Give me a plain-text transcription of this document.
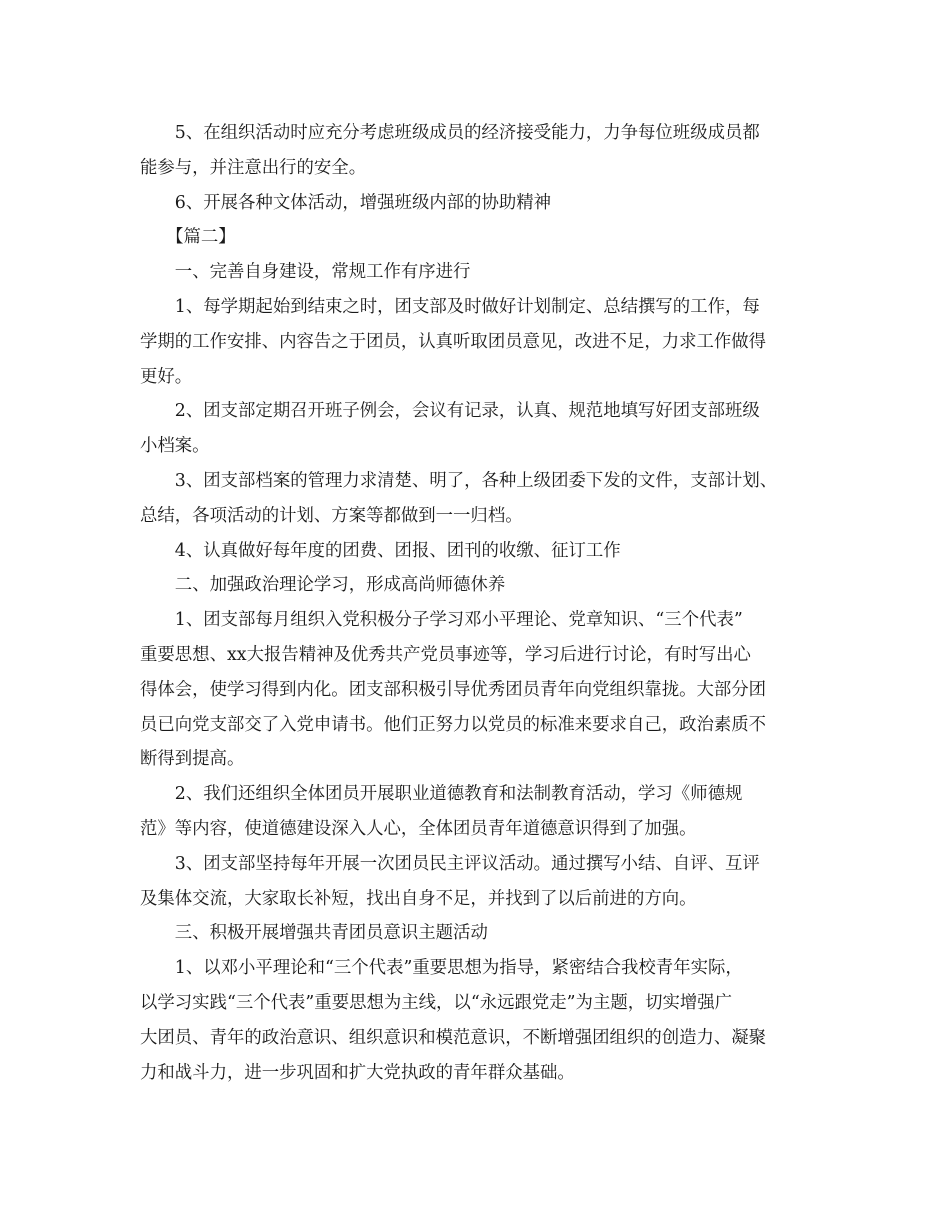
5、在组织活动时应充分考虑班级成员的经济接受能力，力争每位班级成员都
能参与，并注意出行的安全。
6、开展各种文体活动，增强班级内部的协助精神
【篇二】
一、完善自身建设，常规工作有序进行
1、每学期起始到结束之时，团支部及时做好计划制定、总结撰写的工作，每
学期的工作安排、内容告之于团员，认真听取团员意见，改进不足，力求工作做得
更好。
2、团支部定期召开班子例会，会议有记录，认真、规范地填写好团支部班级
小档案。
3、团支部档案的管理力求清楚、明了，各种上级团委下发的文件，支部计划、
总结，各项活动的计划、方案等都做到一一归档。
4、认真做好每年度的团费、团报、团刊的收缴、征订工作
二、加强政治理论学习，形成高尚师德休养
1、团支部每月组织入党积极分子学习邓小平理论、党章知识、“三个代表”
重要思想、xx大报告精神及优秀共产党员事迹等，学习后进行讨论，有时写出心
得体会，使学习得到内化。团支部积极引导优秀团员青年向党组织靠拢。大部分团
员已向党支部交了入党申请书。他们正努力以党员的标准来要求自己，政治素质不
断得到提高。
2、我们还组织全体团员开展职业道德教育和法制教育活动，学习《师德规
范》等内容，使道德建设深入人心，全体团员青年道德意识得到了加强。
3、团支部坚持每年开展一次团员民主评议活动。通过撰写小结、自评、互评
及集体交流，大家取长补短，找出自身不足，并找到了以后前进的方向。
三、积极开展增强共青团员意识主题活动
1、以邓小平理论和“三个代表”重要思想为指导，紧密结合我校青年实际，
以学习实践“三个代表”重要思想为主线，以“永远跟党走”为主题，切实增强广
大团员、青年的政治意识、组织意识和模范意识，不断增强团组织的创造力、凝聚
力和战斗力，进一步巩固和扩大党执政的青年群众基础。
